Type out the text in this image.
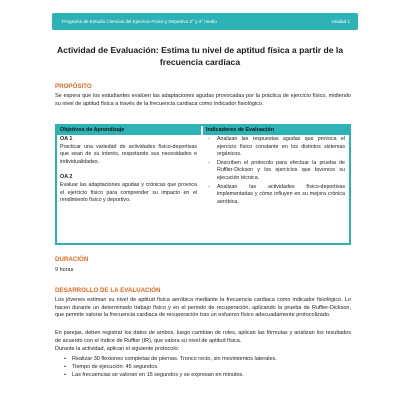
Programa de Estudio Ciencias del Ejercicio Físico y Deportivo 3° y 4° medio	Unidad 1
Actividad de Evaluación: Estima tu nivel de aptitud física a partir de la frecuencia cardíaca
PROPÓSITO
Se espera que los estudiantes evalúen las adaptaciones agudas provocadas por la práctica de ejercicio físico, midiendo su nivel de aptitud física a través de la frecuencia cardiaca como indicador fisiológico.
Objetivos de Aprendizaje
OA 1
Practicar una variedad de actividades físico-deportivas que sean de su interés, respetando sus necesidades e individualidades.
OA 2
Evaluar las adaptaciones agudas y crónicas que provoca el ejercicio físico para comprender su impacto en el rendimiento físico y deportivo.
Indicadores de Evaluación
- Analizan las respuestas agudas que provoca el ejercicio físico constante en los distintos sistemas orgánicos.
- Describen el protocolo para efectuar la prueba de Ruffier-Dickson y los ejercicios que favorece su ejecución técnica.
- Analizan las actividades físico-deportivas implementadas y cómo influyen en su mejora crónica aeróbica.
DURACIÓN
9 horas
DESARROLLO DE LA EVALUACIÓN
Los jóvenes estiman su nivel de aptitud física aeróbica mediante la frecuencia cardiaca como indicador fisiológico. Lo hacen durante un determinado trabajo físico y en el periodo de recuperación, aplicando la prueba de Ruffier-Dickson, que permite valorar la frecuencia cardiaca de recuperación tras un esfuerzo físico adecuadamente protocolizado.
En parejas, deben registrar los datos de ambos, luego cambian de roles, aplican las fórmulas y analizan los resultados de acuerdo con el índice de Ruffier (IR), que valora su nivel de aptitud física.
Durante la actividad, aplican el siguiente protocolo:
• Realizar 30 flexiones completas de piernas. Tronco recto, sin movimientos laterales.
• Tiempo de ejecución: 45 segundos.
• Las frecuencias se valoran en 15 segundos y se expresan en minutos.
